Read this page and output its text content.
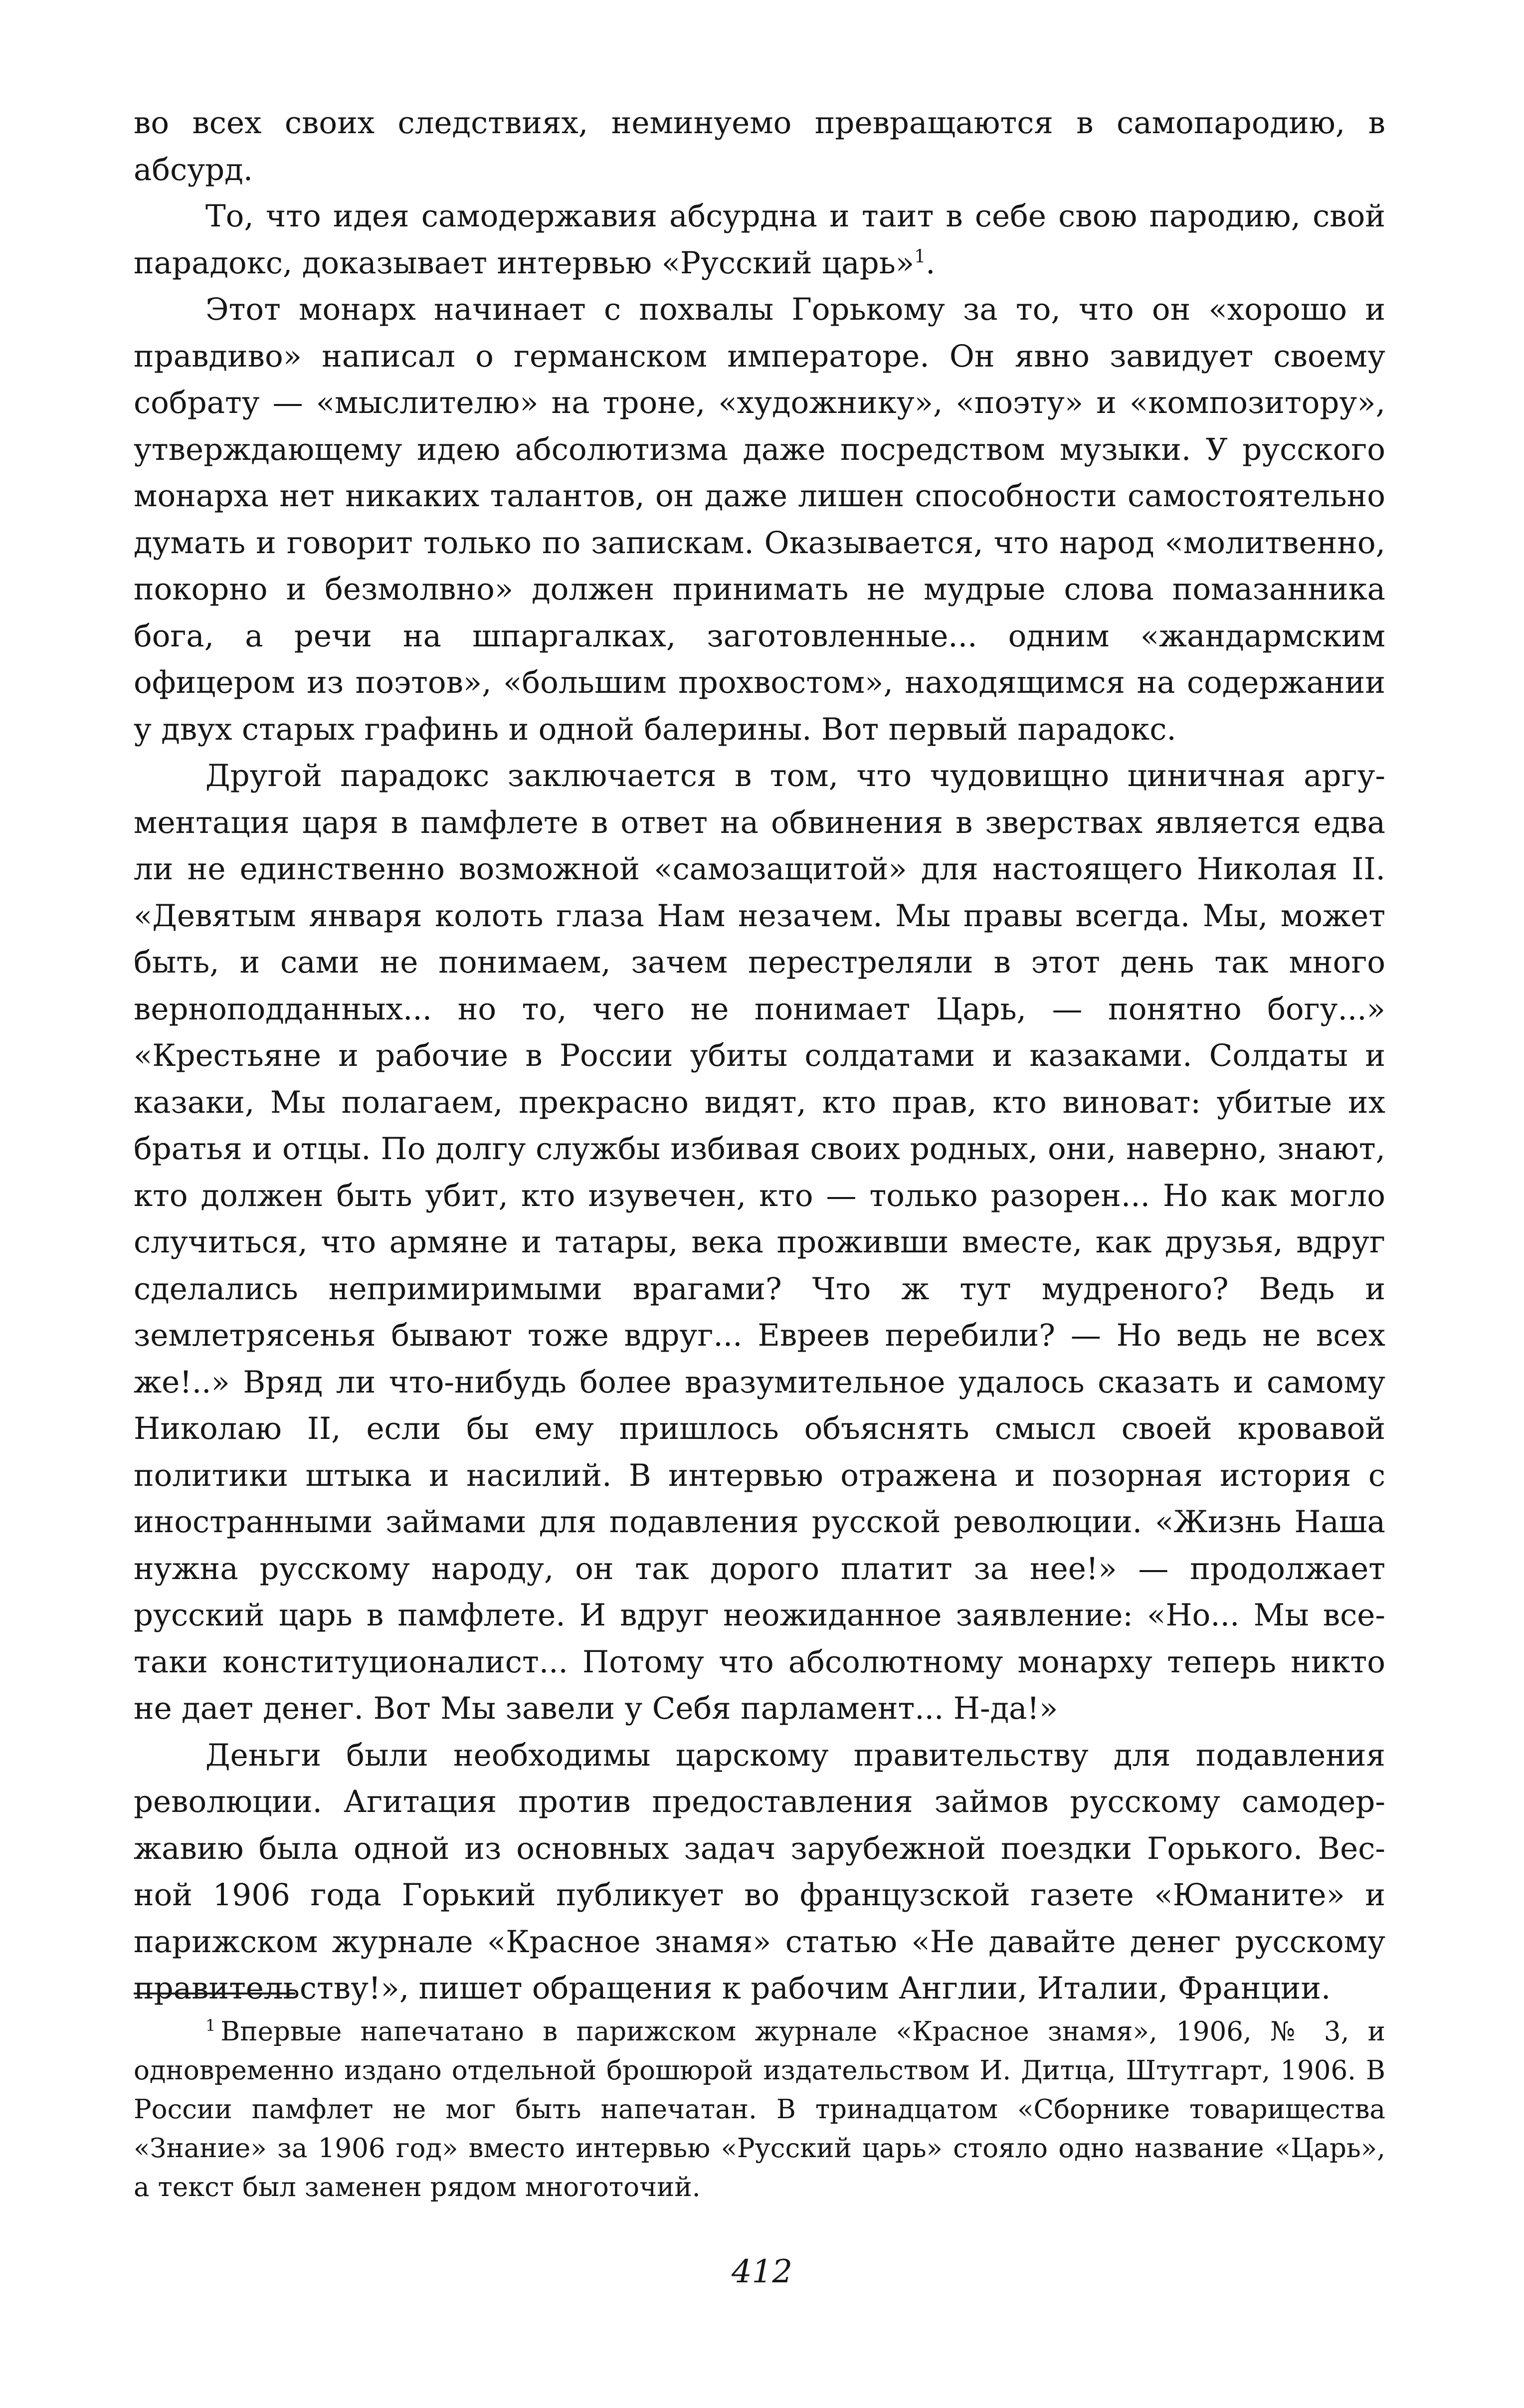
во всех своих следствиях, неминуемо превращаются в самопародию, в абсурд.

То, что идея самодержавия абсурдна и таит в себе свою пародию, свой парадокс, доказывает интервью «Русский царь»$^1$.

Этот монарх начинает с похвалы Горькому за то, что он «хорошо и правдиво» написал о германском императоре. Он явно завидует своему собрату — «мыслителю» на троне, «художнику», «поэту» и «композитору», утверждающему идею абсолютизма даже посредством музыки. У русского монарха нет никаких талантов, он даже лишен способности самостоятельно думать и говорит только по запискам. Оказывается, что народ «молитвенно, покорно и безмолвно» должен принимать не мудрые слова помазанника бога, а речи на шпаргалках, заготовленные... одним «жандармским офицером из поэтов», «большим прохвостом», находящимся на содержании у двух старых графинь и одной балерины. Вот первый парадокс.

Другой парадокс заключается в том, что чудовищно циничная аргументация царя в памфлете в ответ на обвинения в зверствах является едва ли не единственно возможной «самозащитой» для настоящего Николая II. «Девятым января колоть глаза Нам незачем. Мы правы всегда. Мы, может быть, и сами не понимаем, зачем перестреляли в этот день так много верноподданных... но то, чего не понимает Царь, — понятно богу...» «Крестьяне и рабочие в России убиты солдатами и казаками. Солдаты и казаки, Мы полагаем, прекрасно видят, кто прав, кто виноват: убитые их братья и отцы. По долгу службы избивая своих родных, они, наверно, знают, кто должен быть убит, кто изувечен, кто — только разорен... Но как могло случиться, что армяне и татары, века проживши вместе, как друзья, вдруг сделались непримиримыми врагами? Что ж тут мудреного? Ведь и землетрясенья бывают тоже вдруг... Евреев перебили? — Но ведь не всех же!..» Вряд ли что-нибудь более вразумительное удалось сказать и самому Николаю II, если бы ему пришлось объяснять смысл своей кровавой политики штыка и насилий. В интервью отражена и позорная история с иностранными займами для подавления русской революции. «Жизнь Наша нужна русскому народу, он так дорого платит за нее!» — продолжает русский царь в памфлете. И вдруг неожиданное заявление: «Но... Мы все-таки конституционалист... Потому что абсолютному монарху теперь никто не дает денег. Вот Мы завели у Себя парламент... Н-да!»

Деньги были необходимы царскому правительству для подавления революции. Агитация против предоставления займов русскому самодержавию была одной из основных задач зарубежной поездки Горького. Весной 1906 года Горький публикует во французской газете «Юманите» и парижском журнале «Красное знамя» статью «Не давайте денег русскому правительству!», пишет обращения к рабочим Англии, Италии, Франции.

$^1$ Впервые напечатано в парижском журнале «Красное знамя», 1906, № 3, и одновременно издано отдельной брошюрой издательством И. Дитца, Штутгарт, 1906. В России памфлет не мог быть напечатан. В тринадцатом «Сборнике товарищества «Знание» за 1906 год» вместо интервью «Русский царь» стояло одно название «Царь», а текст был заменен рядом многоточий.

412
